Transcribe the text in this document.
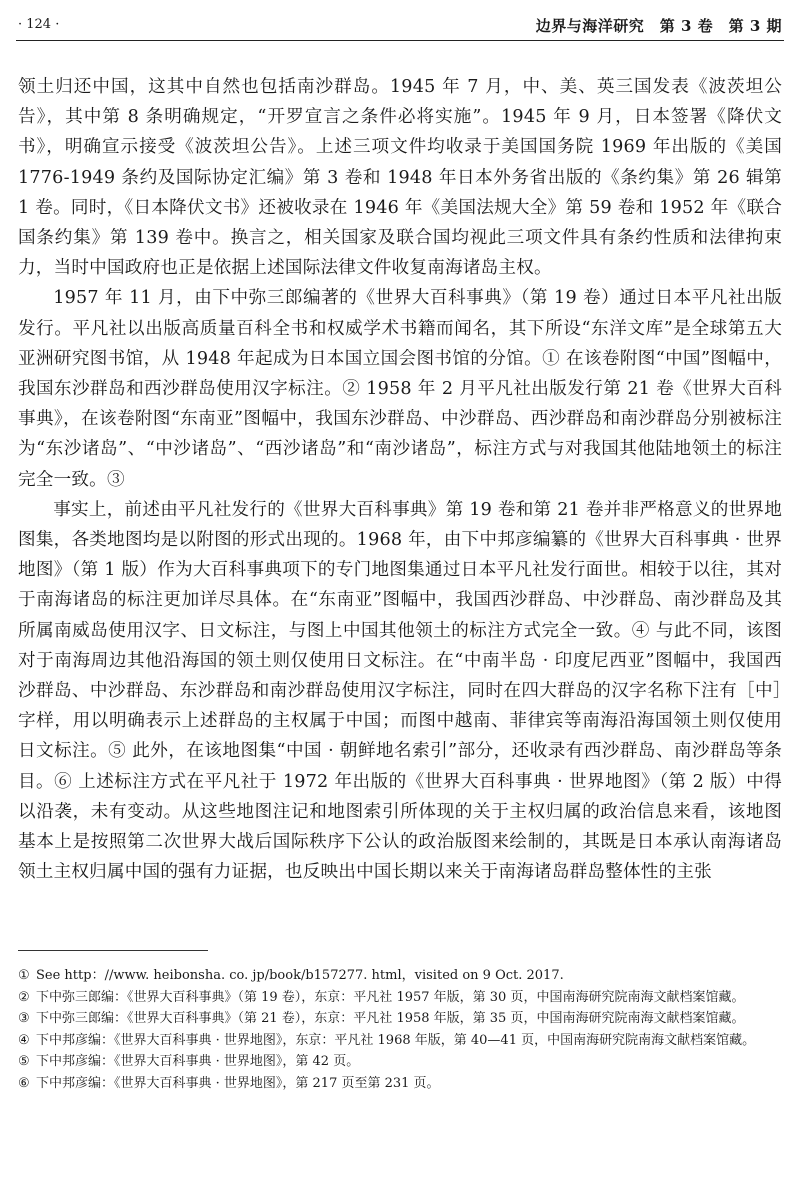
· 124 ·	边界与海洋研究　第 3 卷　第 3 期

领土归还中国，这其中自然也包括南沙群岛。1945 年 7 月，中、美、英三国发表《波茨坦公告》，其中第 8 条明确规定，“开罗宣言之条件必将实施”。1945 年 9 月，日本签署《降伏文书》，明确宣示接受《波茨坦公告》。上述三项文件均收录于美国国务院 1969 年出版的《美国 1776-1949 条约及国际协定汇编》第 3 卷和 1948 年日本外务省出版的《条约集》第 26 辑第 1 卷。同时，《日本降伏文书》还被收录在 1946 年《美国法规大全》第 59 卷和 1952 年《联合国条约集》第 139 卷中。换言之，相关国家及联合国均视此三项文件具有条约性质和法律拘束力，当时中国政府也正是依据上述国际法律文件收复南海诸岛主权。

1957 年 11 月，由下中弥三郎编著的《世界大百科事典》（第 19 卷）通过日本平凡社出版发行。平凡社以出版高质量百科全书和权威学术书籍而闻名，其下所设“东洋文库”是全球第五大亚洲研究图书馆，从 1948 年起成为日本国立国会图书馆的分馆。① 在该卷附图“中国”图幅中，我国东沙群岛和西沙群岛使用汉字标注。② 1958 年 2 月平凡社出版发行第 21 卷《世界大百科事典》，在该卷附图“东南亚”图幅中，我国东沙群岛、中沙群岛、西沙群岛和南沙群岛分别被标注为“东沙诸岛”、“中沙诸岛”、“西沙诸岛”和“南沙诸岛”，标注方式与对我国其他陆地领土的标注完全一致。③

事实上，前述由平凡社发行的《世界大百科事典》第 19 卷和第 21 卷并非严格意义的世界地图集，各类地图均是以附图的形式出现的。1968 年，由下中邦彦编纂的《世界大百科事典 · 世界地图》（第 1 版）作为大百科事典项下的专门地图集通过日本平凡社发行面世。相较于以往，其对于南海诸岛的标注更加详尽具体。在“东南亚”图幅中，我国西沙群岛、中沙群岛、南沙群岛及其所属南威岛使用汉字、日文标注，与图上中国其他领土的标注方式完全一致。④ 与此不同，该图对于南海周边其他沿海国的领土则仅使用日文标注。在“中南半岛 · 印度尼西亚”图幅中，我国西沙群岛、中沙群岛、东沙群岛和南沙群岛使用汉字标注，同时在四大群岛的汉字名称下注有［中］字样，用以明确表示上述群岛的主权属于中国；而图中越南、菲律宾等南海沿海国领土则仅使用日文标注。⑤ 此外，在该地图集“中国 · 朝鲜地名索引”部分，还收录有西沙群岛、南沙群岛等条目。⑥ 上述标注方式在平凡社于 1972 年出版的《世界大百科事典 · 世界地图》（第 2 版）中得以沿袭，未有变动。从这些地图注记和地图索引所体现的关于主权归属的政治信息来看，该地图基本上是按照第二次世界大战后国际秩序下公认的政治版图来绘制的，其既是日本承认南海诸岛领土主权归属中国的强有力证据，也反映出中国长期以来关于南海诸岛群岛整体性的主张

① See http：//www. heibonsha. co. jp/book/b157277. html，visited on 9 Oct. 2017.
② 下中弥三郎编：《世界大百科事典》（第 19 卷），东京：平凡社 1957 年版，第 30 页，中国南海研究院南海文献档案馆藏。
③ 下中弥三郎编：《世界大百科事典》（第 21 卷），东京：平凡社 1958 年版，第 35 页，中国南海研究院南海文献档案馆藏。
④ 下中邦彦编：《世界大百科事典 · 世界地图》，东京：平凡社 1968 年版，第 40—41 页，中国南海研究院南海文献档案馆藏。
⑤ 下中邦彦编：《世界大百科事典 · 世界地图》，第 42 页。
⑥ 下中邦彦编：《世界大百科事典 · 世界地图》，第 217 页至第 231 页。
